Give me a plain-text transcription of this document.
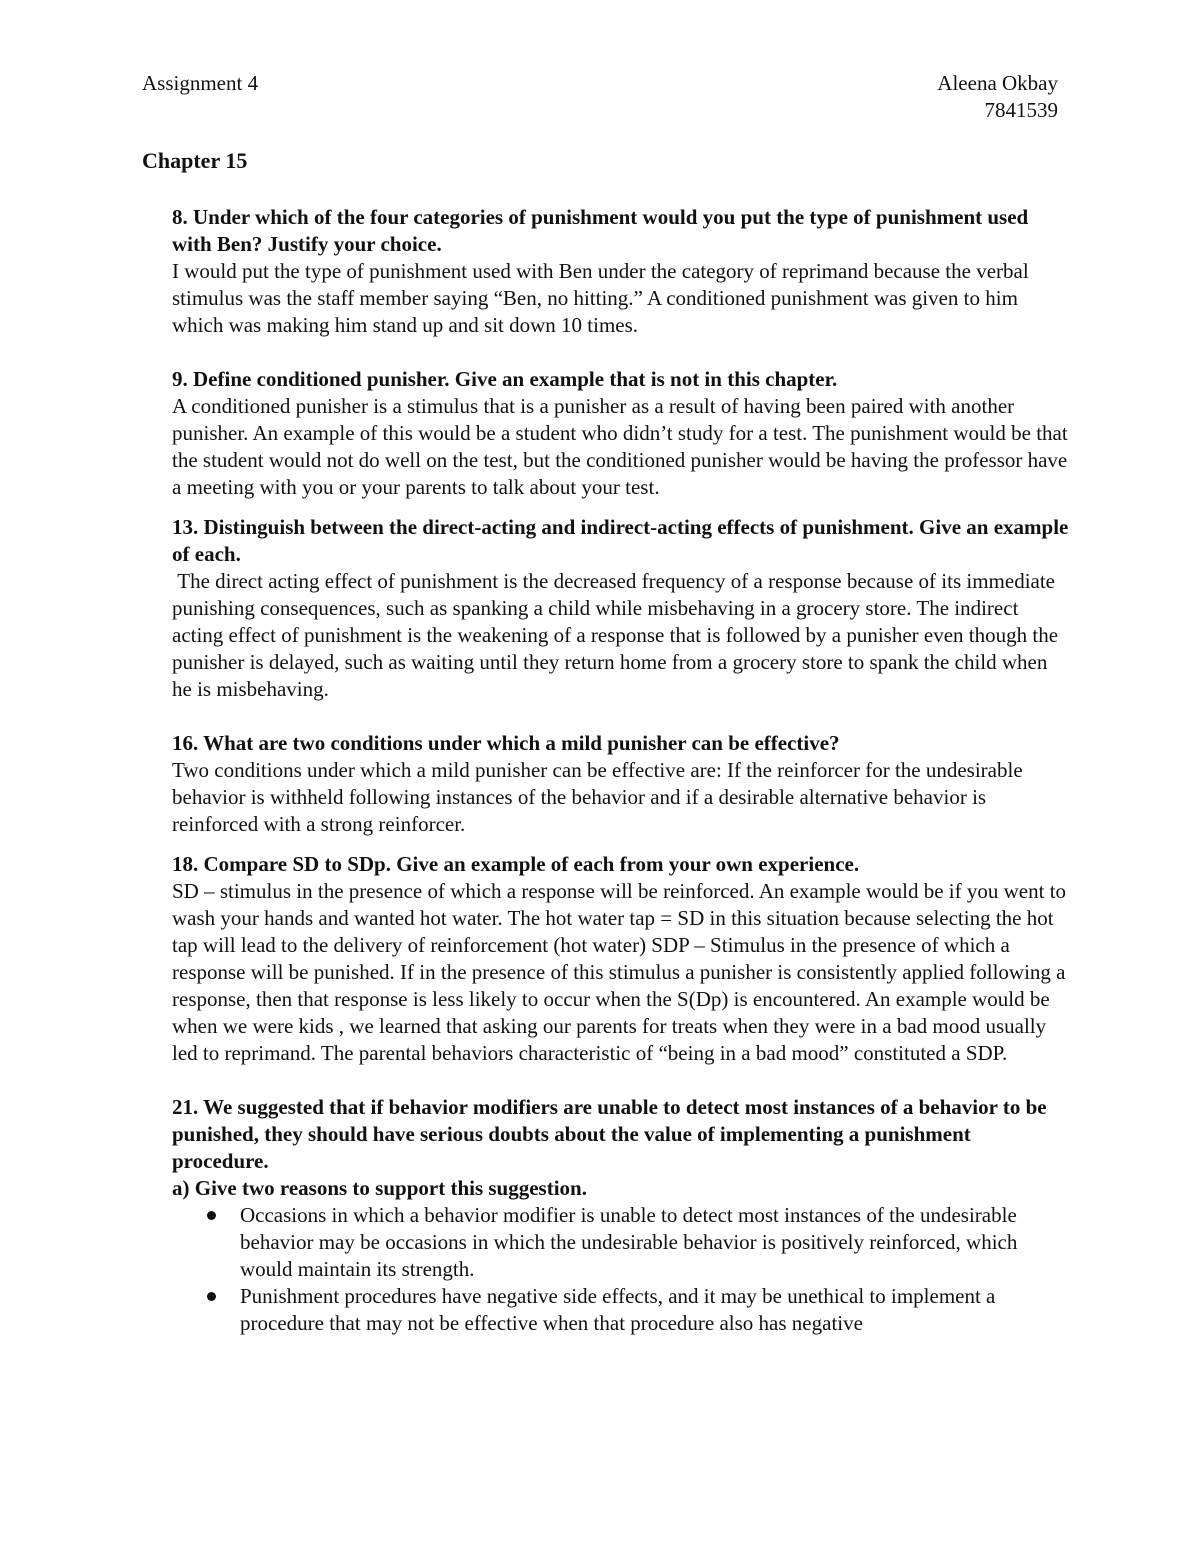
Assignment 4	Aleena Okbay
7841539
Chapter 15
8. Under which of the four categories of punishment would you put the type of punishment used with Ben? Justify your choice.
I would put the type of punishment used with Ben under the category of reprimand because the verbal stimulus was the staff member saying “Ben, no hitting.” A conditioned punishment was given to him which was making him stand up and sit down 10 times.
9. Define conditioned punisher. Give an example that is not in this chapter.
A conditioned punisher is a stimulus that is a punisher as a result of having been paired with another punisher. An example of this would be a student who didn’t study for a test. The punishment would be that the student would not do well on the test, but the conditioned punisher would be having the professor have a meeting with you or your parents to talk about your test.
13. Distinguish between the direct-acting and indirect-acting effects of punishment. Give an example of each.
The direct acting effect of punishment is the decreased frequency of a response because of its immediate punishing consequences, such as spanking a child while misbehaving in a grocery store. The indirect acting effect of punishment is the weakening of a response that is followed by a punisher even though the punisher is delayed, such as waiting until they return home from a grocery store to spank the child when he is misbehaving.
16. What are two conditions under which a mild punisher can be effective?
Two conditions under which a mild punisher can be effective are: If the reinforcer for the undesirable behavior is withheld following instances of the behavior and if a desirable alternative behavior is reinforced with a strong reinforcer.
18. Compare SD to SDp. Give an example of each from your own experience.
SD – stimulus in the presence of which a response will be reinforced. An example would be if you went to wash your hands and wanted hot water. The hot water tap = SD in this situation because selecting the hot tap will lead to the delivery of reinforcement (hot water) SDP – Stimulus in the presence of which a response will be punished. If in the presence of this stimulus a punisher is consistently applied following a response, then that response is less likely to occur when the S(Dp) is encountered. An example would be when we were kids , we learned that asking our parents for treats when they were in a bad mood usually led to reprimand. The parental behaviors characteristic of “being in a bad mood” constituted a SDP.
21. We suggested that if behavior modifiers are unable to detect most instances of a behavior to be punished, they should have serious doubts about the value of implementing a punishment procedure.
a) Give two reasons to support this suggestion.
Occasions in which a behavior modifier is unable to detect most instances of the undesirable behavior may be occasions in which the undesirable behavior is positively reinforced, which would maintain its strength.
Punishment procedures have negative side effects, and it may be unethical to implement a procedure that may not be effective when that procedure also has negative
